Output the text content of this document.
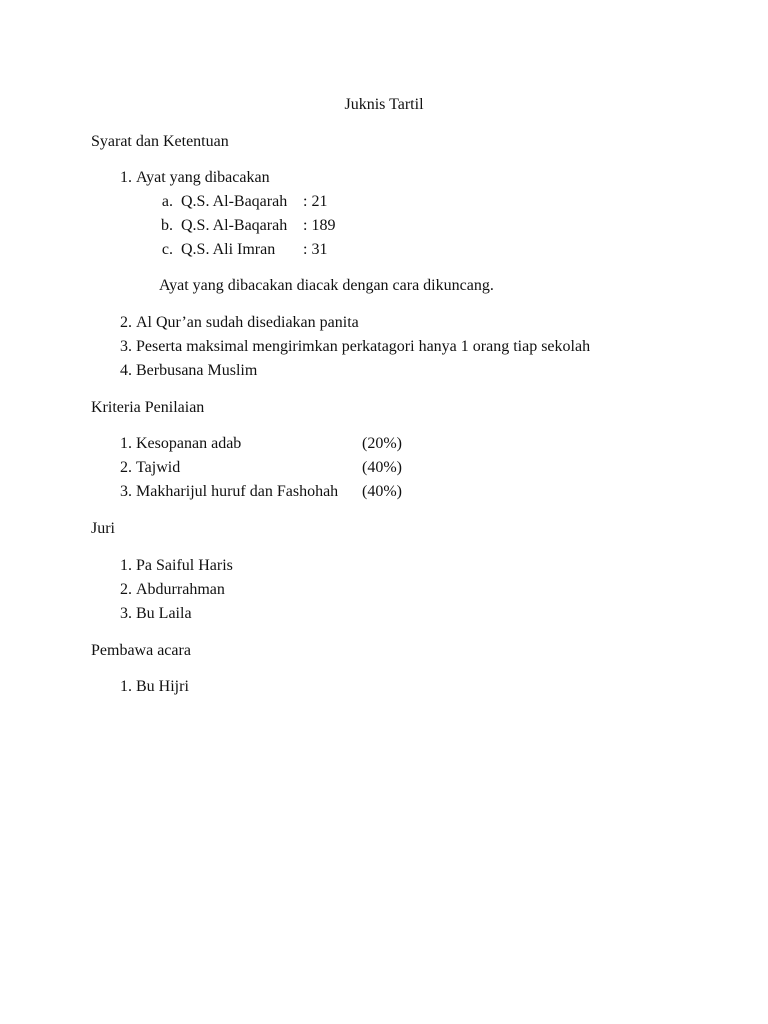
Juknis Tartil
Syarat dan Ketentuan
1. Ayat yang dibacakan
a. Q.S. Al-Baqarah : 21
b. Q.S. Al-Baqarah : 189
c. Q.S. Ali Imran : 31
Ayat yang dibacakan diacak dengan cara dikuncang.
2. Al Qur’an sudah disediakan panita
3. Peserta maksimal mengirimkan perkatagori hanya 1 orang tiap sekolah
4. Berbusana Muslim
Kriteria Penilaian
1. Kesopanan adab	(20%)
2. Tajwid	(40%)
3. Makharijul huruf dan Fashohah (40%)
Juri
1. Pa Saiful Haris
2. Abdurrahman
3. Bu Laila
Pembawa acara
1. Bu Hijri
